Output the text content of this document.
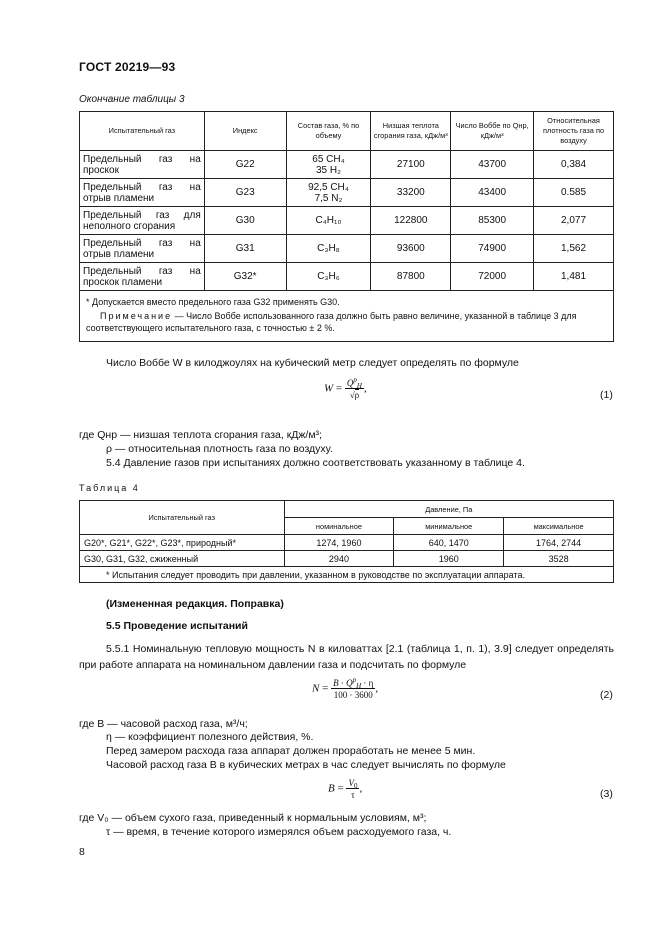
ГОСТ 20219—93
Окончание таблицы 3
Испытательный газ	Индекс	Состав газа, % по объему	Низшая теплота сгорания газа, кДж/м³	Число Воббе по Qнр, кДж/м³	Относительная плотность газа по воздуху

Предельный газ на проскок	G22	65 CH₄
35 H₂	27100	43700	0,384

Предельный газ на отрыв пламени	G23	92,5 CH₄
7,5 N₂	33200	43400	0.585

Предельный газ для неполного сгорания	G30	C₄H₁₀	122800	85300	2,077

Предельный газ на отрыв пламени	G31	C₃H₈	93600	74900	1,562

Предельный газ на проскок пламени	G32*	C₃H₆	87800	72000	1,481

* Допускается вместо предельного газа G32 применять G30.

Примечание — Число Воббе использованного газа должно быть равно величине, указанной в таблице 3 для соответствующего испытательного газа, с точностью ± 2 %.					

Число Воббе W в килоджоулях на кубический метр следует определять по формуле
$W = \frac{Q^p_H}{√\rho}$ ,
(1)
где Qнр — низшая теплота сгорания газа, кДж/м³;
ρ — относительная плотность газа по воздуху.
5.4 Давление газов при испытаниях должно соответствовать указанному в таблице 4.
Таблица 4
Испытательный газ	Давление, Па		
	номинальное	минимальное	максимальное
G20*, G21*, G22*, G23*, природный*	1274, 1960	640, 1470	1764, 2744
G30, G31, G32, сжиженный	2940	1960	3528
* Испытания следует проводить при давлении, указанном в руководстве по эксплуатации аппарата.			
(Измененная редакция. Поправка)
5.5 Проведение испытаний
5.5.1 Номинальную тепловую мощность N в киловаттах [2.1 (таблица 1, п. 1), 3.9] следует определять при работе аппарата на номинальном давлении газа и подсчитать по формуле
$N = \frac{B \cdot Q^p_H \cdot \eta}{100 \cdot 3600}$ ,
(2)
где B — часовой расход газа, м³/ч;
η — коэффициент полезного действия, %.
Перед замером расхода газа аппарат должен проработать не менее 5 мин.
Часовой расход газа B в кубических метрах в час следует вычислять по формуле
$B = \frac{V_0}{\tau}$ ,	(3)
где V₀ — объем сухого газа, приведенный к нормальным условиям, м³;
τ — время, в течение которого измерялся объем расходуемого газа, ч.
8
